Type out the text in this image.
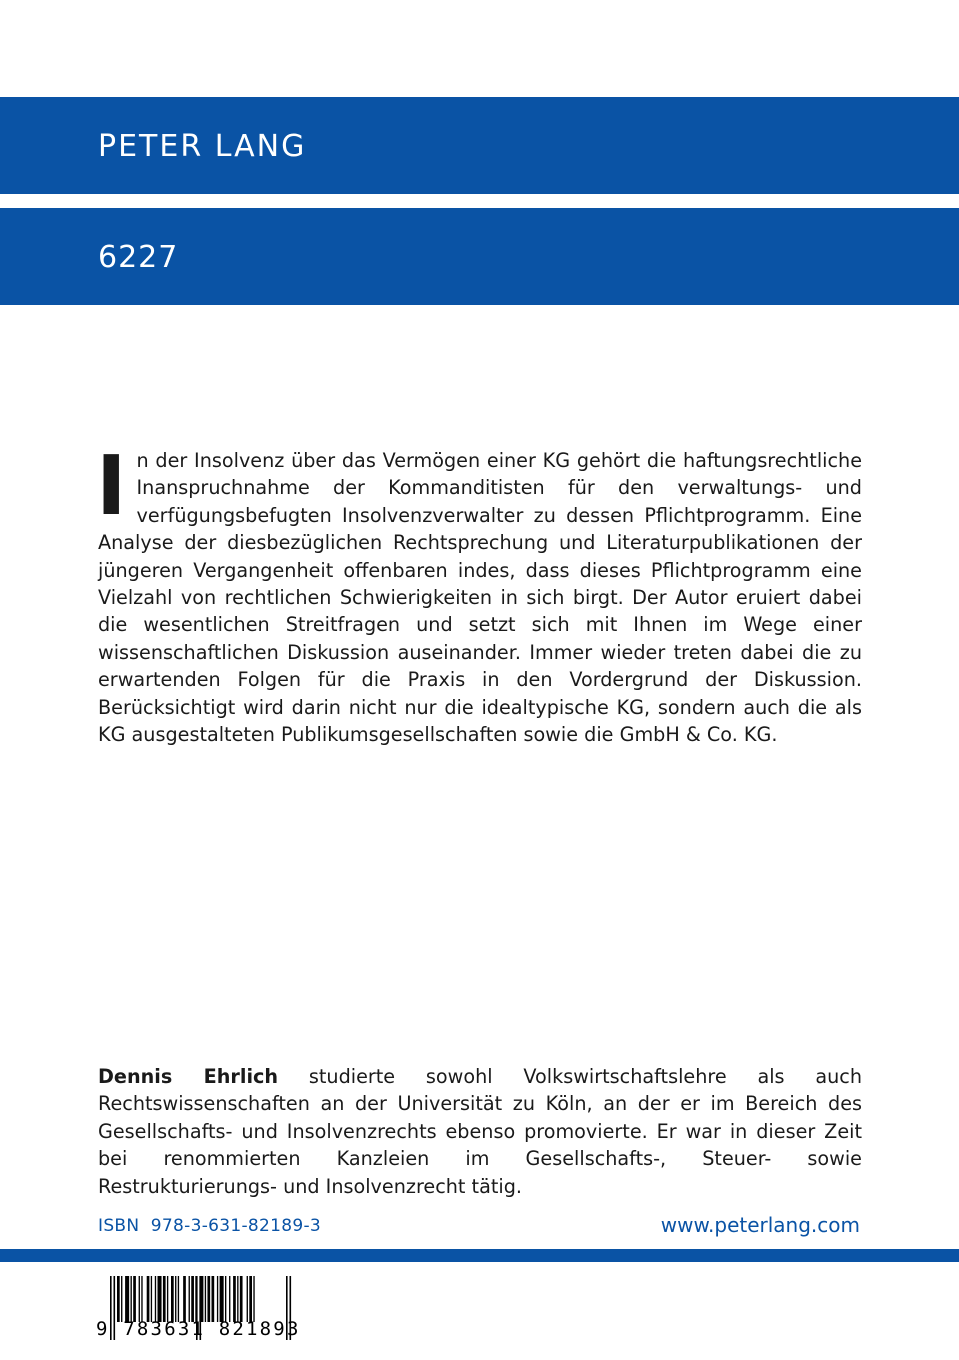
PETER LANG
6227

In der Insolvenz über das Vermögen einer KG gehört die haftungsrechtliche Inanspruchnahme der Kommanditisten für den verwaltungs- und verfügungsbefugten Insolvenzverwalter zu dessen Pflichtprogramm. Eine Analyse der diesbezüglichen Rechtsprechung und Literaturpublikationen der jüngeren Vergangenheit offenbaren indes, dass dieses Pflichtprogramm eine Vielzahl von rechtlichen Schwierigkeiten in sich birgt. Der Autor eruiert dabei die wesentlichen Streitfragen und setzt sich mit Ihnen im Wege einer wissenschaftlichen Diskussion auseinander. Immer wieder treten dabei die zu erwartenden Folgen für die Praxis in den Vordergrund der Diskussion. Berücksichtigt wird darin nicht nur die idealtypische KG, sondern auch die als KG ausgestalteten Publikumsgesellschaften sowie die GmbH & Co. KG.

Dennis Ehrlich studierte sowohl Volkswirtschaftslehre als auch Rechtswissenschaften an der Universität zu Köln, an der er im Bereich des Gesellschafts- und Insolvenzrechts ebenso promovierte. Er war in dieser Zeit bei renommierten Kanzleien im Gesellschafts-, Steuer- sowie Restrukturierungs- und Insolvenzrecht tätig.

ISBN  978-3-631-82189-3	www.peterlang.com
9 783631 821893
